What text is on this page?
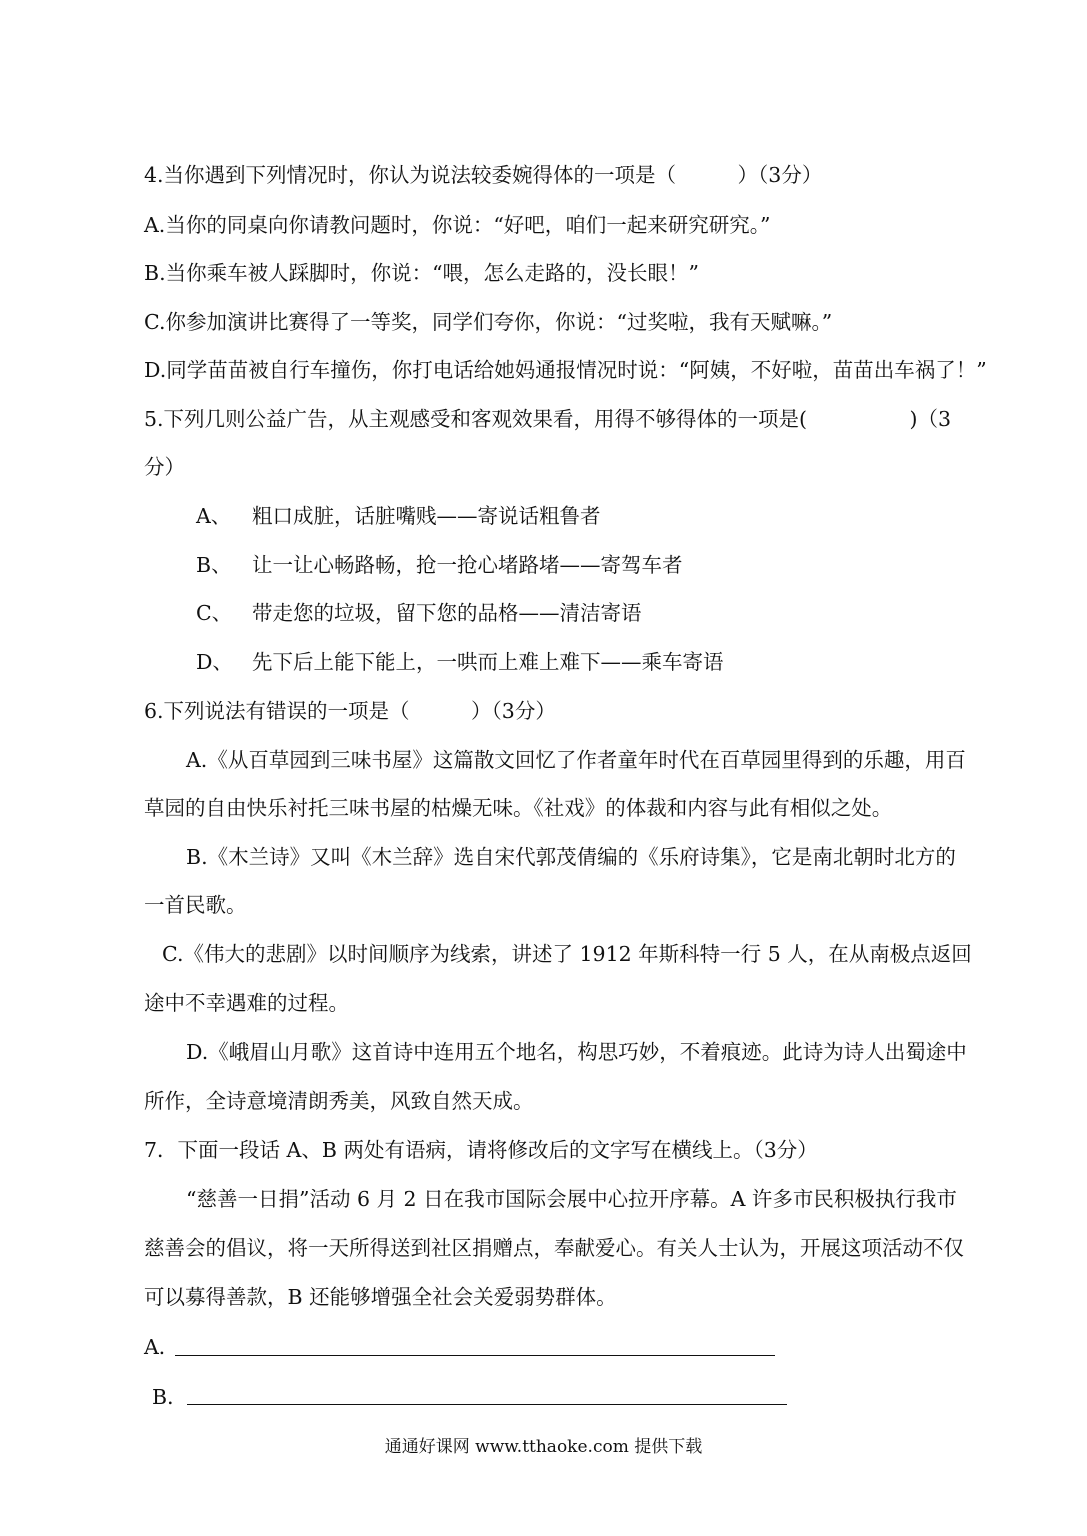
4.当你遇到下列情况时，你认为说法较委婉得体的一项是（　　　）（3分）

A.当你的同桌向你请教问题时，你说：“好吧，咱们一起来研究研究。”

B.当你乘车被人踩脚时，你说：“喂，怎么走路的，没长眼！”

C.你参加演讲比赛得了一等奖，同学们夸你，你说：“过奖啦，我有天赋嘛。”

D.同学苗苗被自行车撞伤，你打电话给她妈通报情况时说：“阿姨，不好啦，苗苗出车祸了！”

5.下列几则公益广告，从主观感受和客观效果看，用得不够得体的一项是(　　　　　)（3

分）

A、 粗口成脏，话脏嘴贱——寄说话粗鲁者
B、 让一让心畅路畅，抢一抢心堵路堵——寄驾车者
C、 带走您的垃圾，留下您的品格——清洁寄语
D、 先下后上能下能上，一哄而上难上难下——乘车寄语

6.下列说法有错误的一项是（　　　）（3分）

A.《从百草园到三味书屋》这篇散文回忆了作者童年时代在百草园里得到的乐趣，用百

草园的自由快乐衬托三味书屋的枯燥无味。《社戏》的体裁和内容与此有相似之处。

B.《木兰诗》又叫《木兰辞》选自宋代郭茂倩编的《乐府诗集》，它是南北朝时北方的

一首民歌。

C.《伟大的悲剧》以时间顺序为线索，讲述了 1912 年斯科特一行 5 人，在从南极点返回

途中不幸遇难的过程。

D.《峨眉山月歌》这首诗中连用五个地名，构思巧妙，不着痕迹。此诗为诗人出蜀途中

所作，全诗意境清朗秀美，风致自然天成。

7．下面一段话 A、B 两处有语病，请将修改后的文字写在横线上。（3分）

“慈善一日捐”活动 6 月 2 日在我市国际会展中心拉开序幕。A 许多市民积极执行我市

慈善会的倡议，将一天所得送到社区捐赠点，奉献爱心。有关人士认为，开展这项活动不仅

可以募得善款，B 还能够增强全社会关爱弱势群体。

A．

B．

通通好课网 www.tthaoke.com 提供下载
